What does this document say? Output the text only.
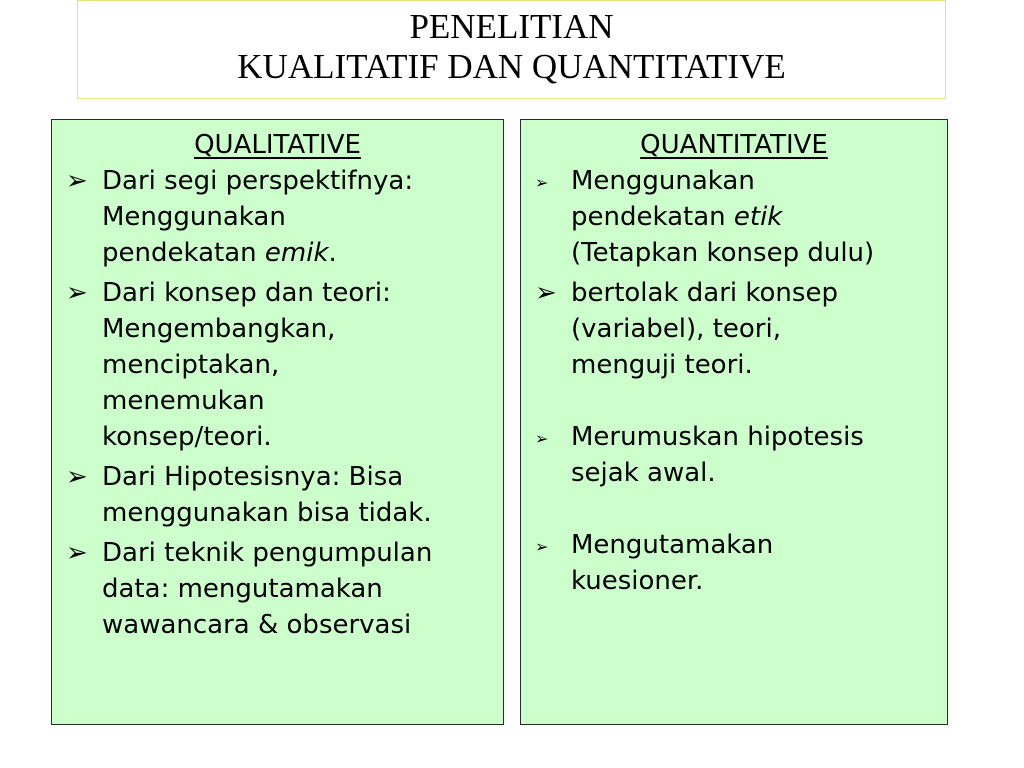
PENELITIAN
KUALITATIF DAN QUANTITATIVE
QUALITATIVE
➢ Dari segi perspektifnya:
Menggunakan
pendekatan emik.
➢ Dari konsep dan teori:
Mengembangkan,
menciptakan,
menemukan
konsep/teori.
➢ Dari Hipotesisnya: Bisa
menggunakan bisa tidak.
➢ Dari teknik pengumpulan
data: mengutamakan
wawancara & observasi
QUANTITATIVE
➢ Menggunakan
pendekatan etik
(Tetapkan konsep dulu)
➢ bertolak dari konsep
(variabel), teori,
menguji teori.
➢ Merumuskan hipotesis
sejak awal.
➢ Mengutamakan
kuesioner.
